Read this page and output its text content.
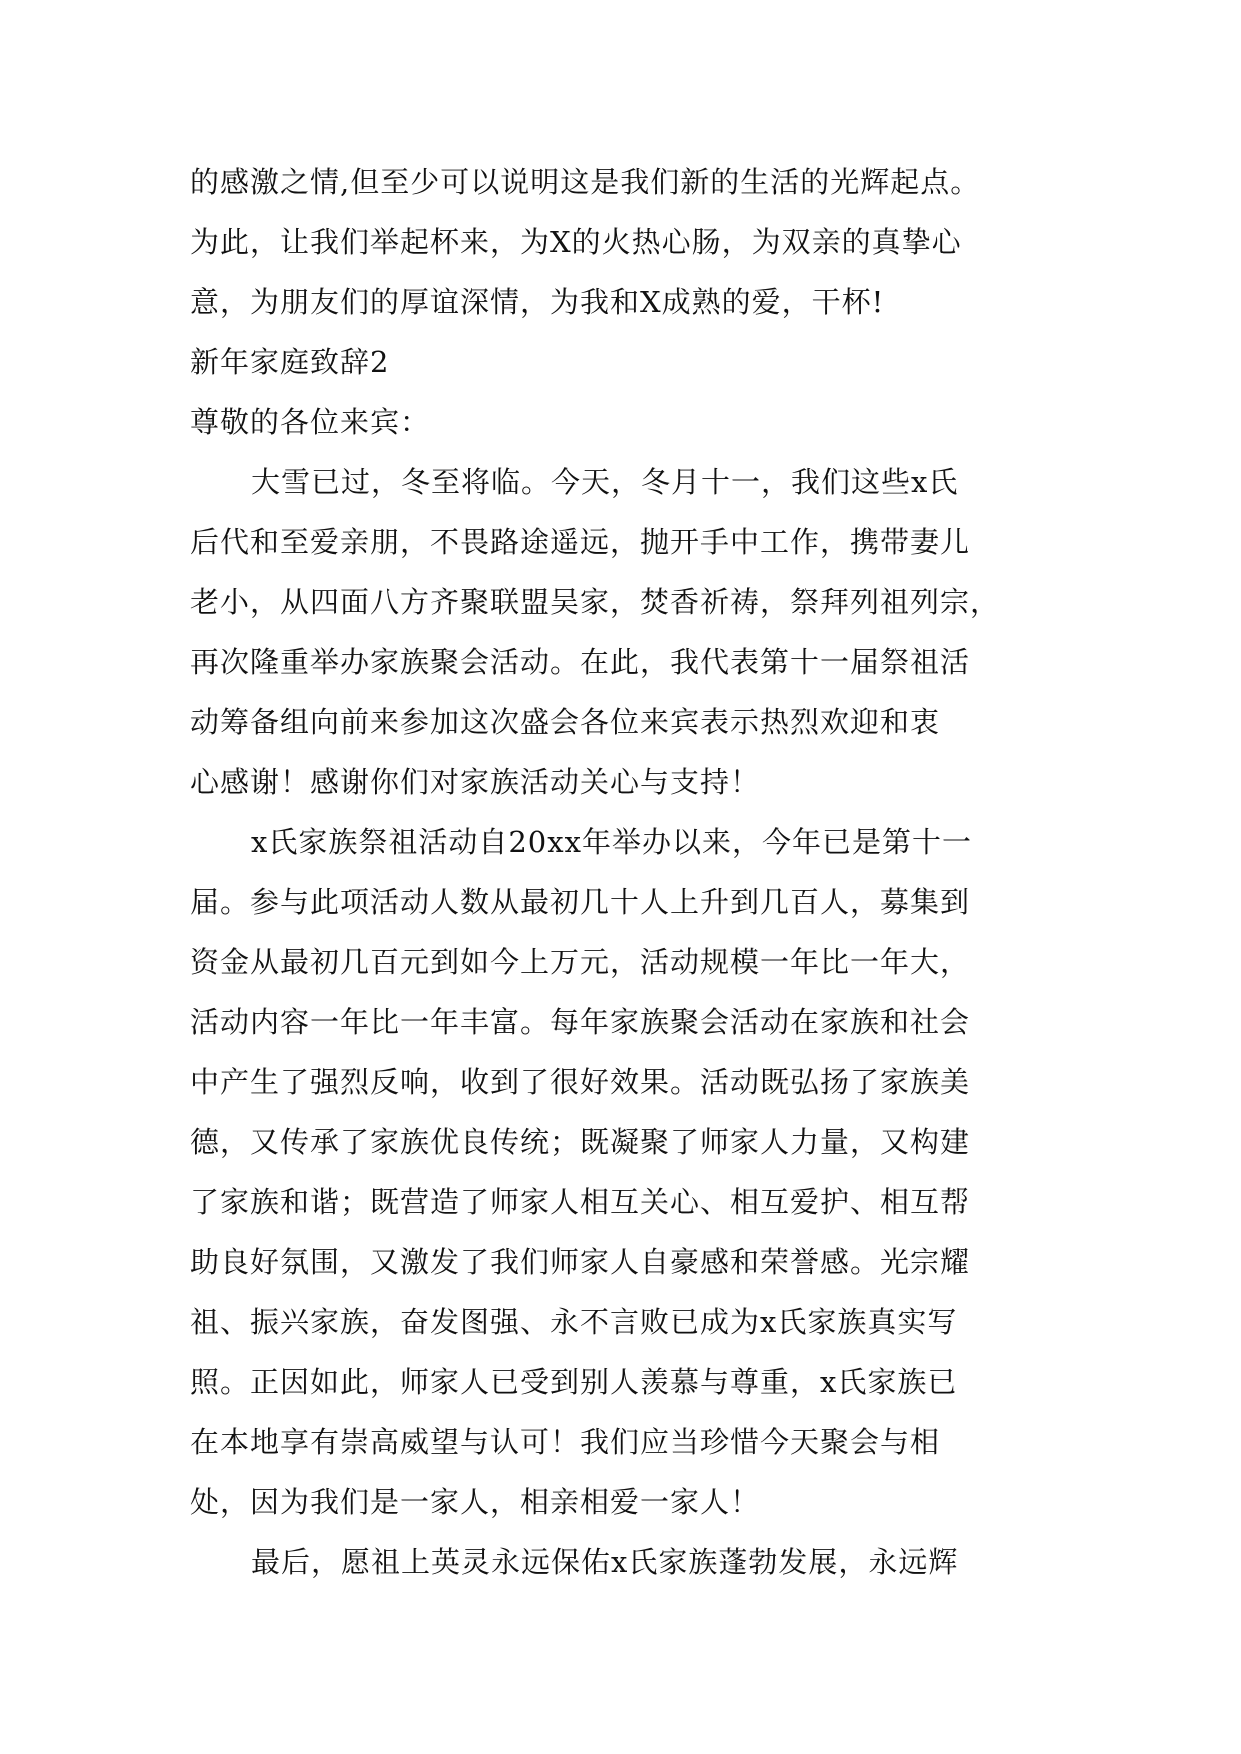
的感激之情,但至少可以说明这是我们新的生活的光辉起点。
为此，让我们举起杯来，为X的火热心肠，为双亲的真挚心
意，为朋友们的厚谊深情，为我和X成熟的爱，干杯!
新年家庭致辞2
尊敬的各位来宾：
大雪已过，冬至将临。今天，冬月十一，我们这些x氏
后代和至爱亲朋，不畏路途遥远，抛开手中工作，携带妻儿
老小，从四面八方齐聚联盟吴家，焚香祈祷，祭拜列祖列宗，
再次隆重举办家族聚会活动。在此，我代表第十一届祭祖活
动筹备组向前来参加这次盛会各位来宾表示热烈欢迎和衷
心感谢！感谢你们对家族活动关心与支持！
x氏家族祭祖活动自20xx年举办以来，今年已是第十一
届。参与此项活动人数从最初几十人上升到几百人，募集到
资金从最初几百元到如今上万元，活动规模一年比一年大，
活动内容一年比一年丰富。每年家族聚会活动在家族和社会
中产生了强烈反响，收到了很好效果。活动既弘扬了家族美
德，又传承了家族优良传统；既凝聚了师家人力量，又构建
了家族和谐；既营造了师家人相互关心、相互爱护、相互帮
助良好氛围，又激发了我们师家人自豪感和荣誉感。光宗耀
祖、振兴家族，奋发图强、永不言败已成为x氏家族真实写
照。正因如此，师家人已受到别人羡慕与尊重，x氏家族已
在本地享有崇高威望与认可！我们应当珍惜今天聚会与相
处，因为我们是一家人，相亲相爱一家人！
最后，愿祖上英灵永远保佑x氏家族蓬勃发展，永远辉
